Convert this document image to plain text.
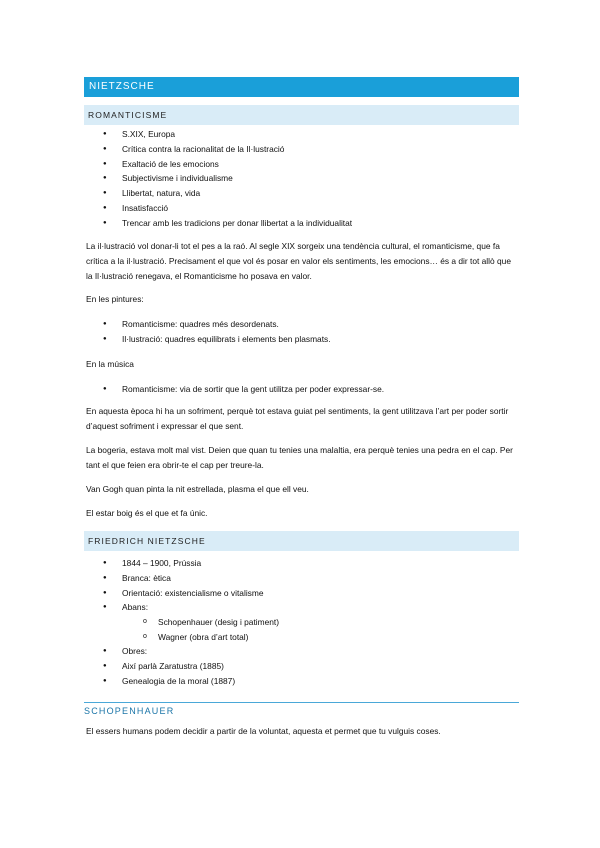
NIETZSCHE
ROMANTICISME
● S.XIX, Europa
● Crítica contra la racionalitat de la Il·lustració
● Exaltació de les emocions
● Subjectivisme i individualisme
● Llibertat, natura, vida
● Insatisfacció
● Trencar amb les tradicions per donar llibertat a la individualitat

La il·lustració vol donar-li tot el pes a la raó. Al segle XIX sorgeix una tendència cultural, el romanticisme, que fa crítica a la il·lustració. Precisament el que vol és posar en valor els sentiments, les emocions… és a dir tot allò que la Il·lustració renegava, el Romanticisme ho posava en valor.

En les pintures:

● Romanticisme: quadres més desordenats.
● Il·lustració: quadres equilibrats i elements ben plasmats.

En la música

● Romanticisme: via de sortir que la gent utilitza per poder expressar-se.

En aquesta època hi ha un sofriment, perquè tot estava guiat pel sentiments, la gent utilitzava l’art per poder sortir d’aquest sofriment i expressar el que sent.

La bogeria, estava molt mal vist. Deien que quan tu tenies una malaltia, era perquè tenies una pedra en el cap. Per tant el que feien era obrir-te el cap per treure-la.

Van Gogh quan pinta la nit estrellada, plasma el que ell veu.

El estar boig és el que et fa únic.

FRIEDRICH NIETZSCHE
● 1844 – 1900, Prússia
● Branca: ètica
● Orientació: existencialisme o vitalisme
● Abans:
o Schopenhauer (desig i patiment)
o Wagner (obra d’art total)
● Obres:
● Així parlà Zaratustra (1885)
● Genealogia de la moral (1887)
SCHOPENHAUER

El essers humans podem decidir a partir de la voluntat, aquesta et permet que tu vulguis coses.
